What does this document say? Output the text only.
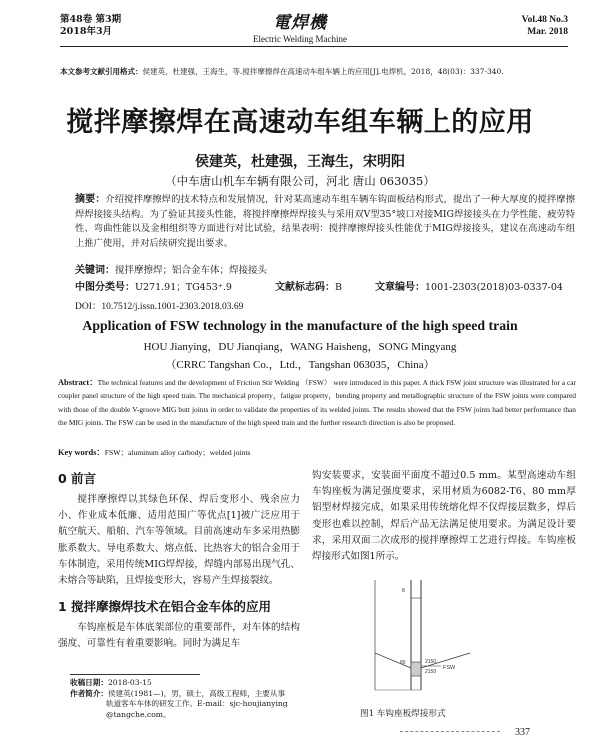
第48卷 第3期
2018年3月	電焊機
Electric Welding Machine
Vol.48 No.3
Mar. 2018
本文参考文献引用格式：侯建英，杜建强，王海生，等.搅拌摩擦焊在高速动车组车辆上的应用[J].电焊机，2018，48(03)：337-340.
搅拌摩擦焊在高速动车组车辆上的应用
侯建英，杜建强，王海生，宋明阳
（中车唐山机车车辆有限公司，河北 唐山 063035）
摘要：介绍搅拌摩擦焊的技术特点和发展情况，针对某高速动车组车辆车钩面板结构形式，提出了一种大厚度的搅拌摩擦焊焊接接头结构。为了验证其接头性能，将搅拌摩擦焊焊接头与采用双V型35°坡口对接MIG焊接接头在力学性能、疲劳特性、弯曲性能以及金相组织等方面进行对比试验，结果表明：搅拌摩擦焊接头性能优于MIG焊接接头，建议在高速动车组上推广使用，并对后续研究提出要求。
关键词：搅拌摩擦焊；铝合金车体；焊接接头
中图分类号：U271.91；TG453⁺.9	文献标志码：B	文章编号：1001-2303(2018)03-0337-04
DOI：10.7512/j.issn.1001-2303.2018.03.69
Application of FSW technology in the manufacture of the high speed train
HOU Jianying，DU Jianqiang，WANG Haisheng，SONG Mingyang
（CRRC Tangshan Co.，Ltd.，Tangshan 063035，China）
Abstract：The technical features and the development of Friction Stir Welding （FSW） were introduced in this paper. A thick FSW joint structure was illustrated for a car coupler panel structure of the high speed train. The mechanical property，fatigue property，bending property and metallographic structure of the FSW joints were compared with those of the double V-groove MIG butt joints in order to validate the properties of its welded joints. The results showed that the FSW joints had better performance than the MIG joints. The FSW can be used in the manufacture of the high speed train and the further research direction is also be proposed.
Key words：FSW；aluminum alloy carbody；welded joints
0 前言
搅拌摩擦焊以其绿色环保、焊后变形小、残余应力小、作业成本低廉、适用范围广等优点[1]被广泛应用于航空航天、船舶、汽车等领域。目前高速动车多采用热膨胀系数大、导电系数大、熔点低、比热容大的铝合金用于车体制造，采用传统MIG焊焊接，焊缝内部易出现气孔、未熔合等缺陷，且焊接变形大，容易产生焊接裂纹。
1 搅拌摩擦焊技术在铝合金车体的应用
车钩座板是车体底架部位的重要部件，对车体的结构强度、可靠性有着重要影响。同时为满足车
钩安装要求，安装面平面度不超过0.5 mm。某型高速动车组车钩座板为满足强度要求，采用材质为6082-T6、80 mm厚铝型材焊接完成，如果采用传统熔化焊不仅焊接层数多，焊后变形也难以控制，焊后产品无法满足使用要求。为满足设计要求，采用双面二次成形的搅拌摩擦焊工艺进行焊接。车钩座板焊接形式如图1所示。
收稿日期：2018-03-15
作者简介：侯建英(1981—)，男，硕士，高级工程师，主要从事
轨道客车车体的研发工作。E-mail：sjc-houjianying
@tangche.com。
8
80	2150
2150
FSW
图1 车钩座板焊接形式
337
